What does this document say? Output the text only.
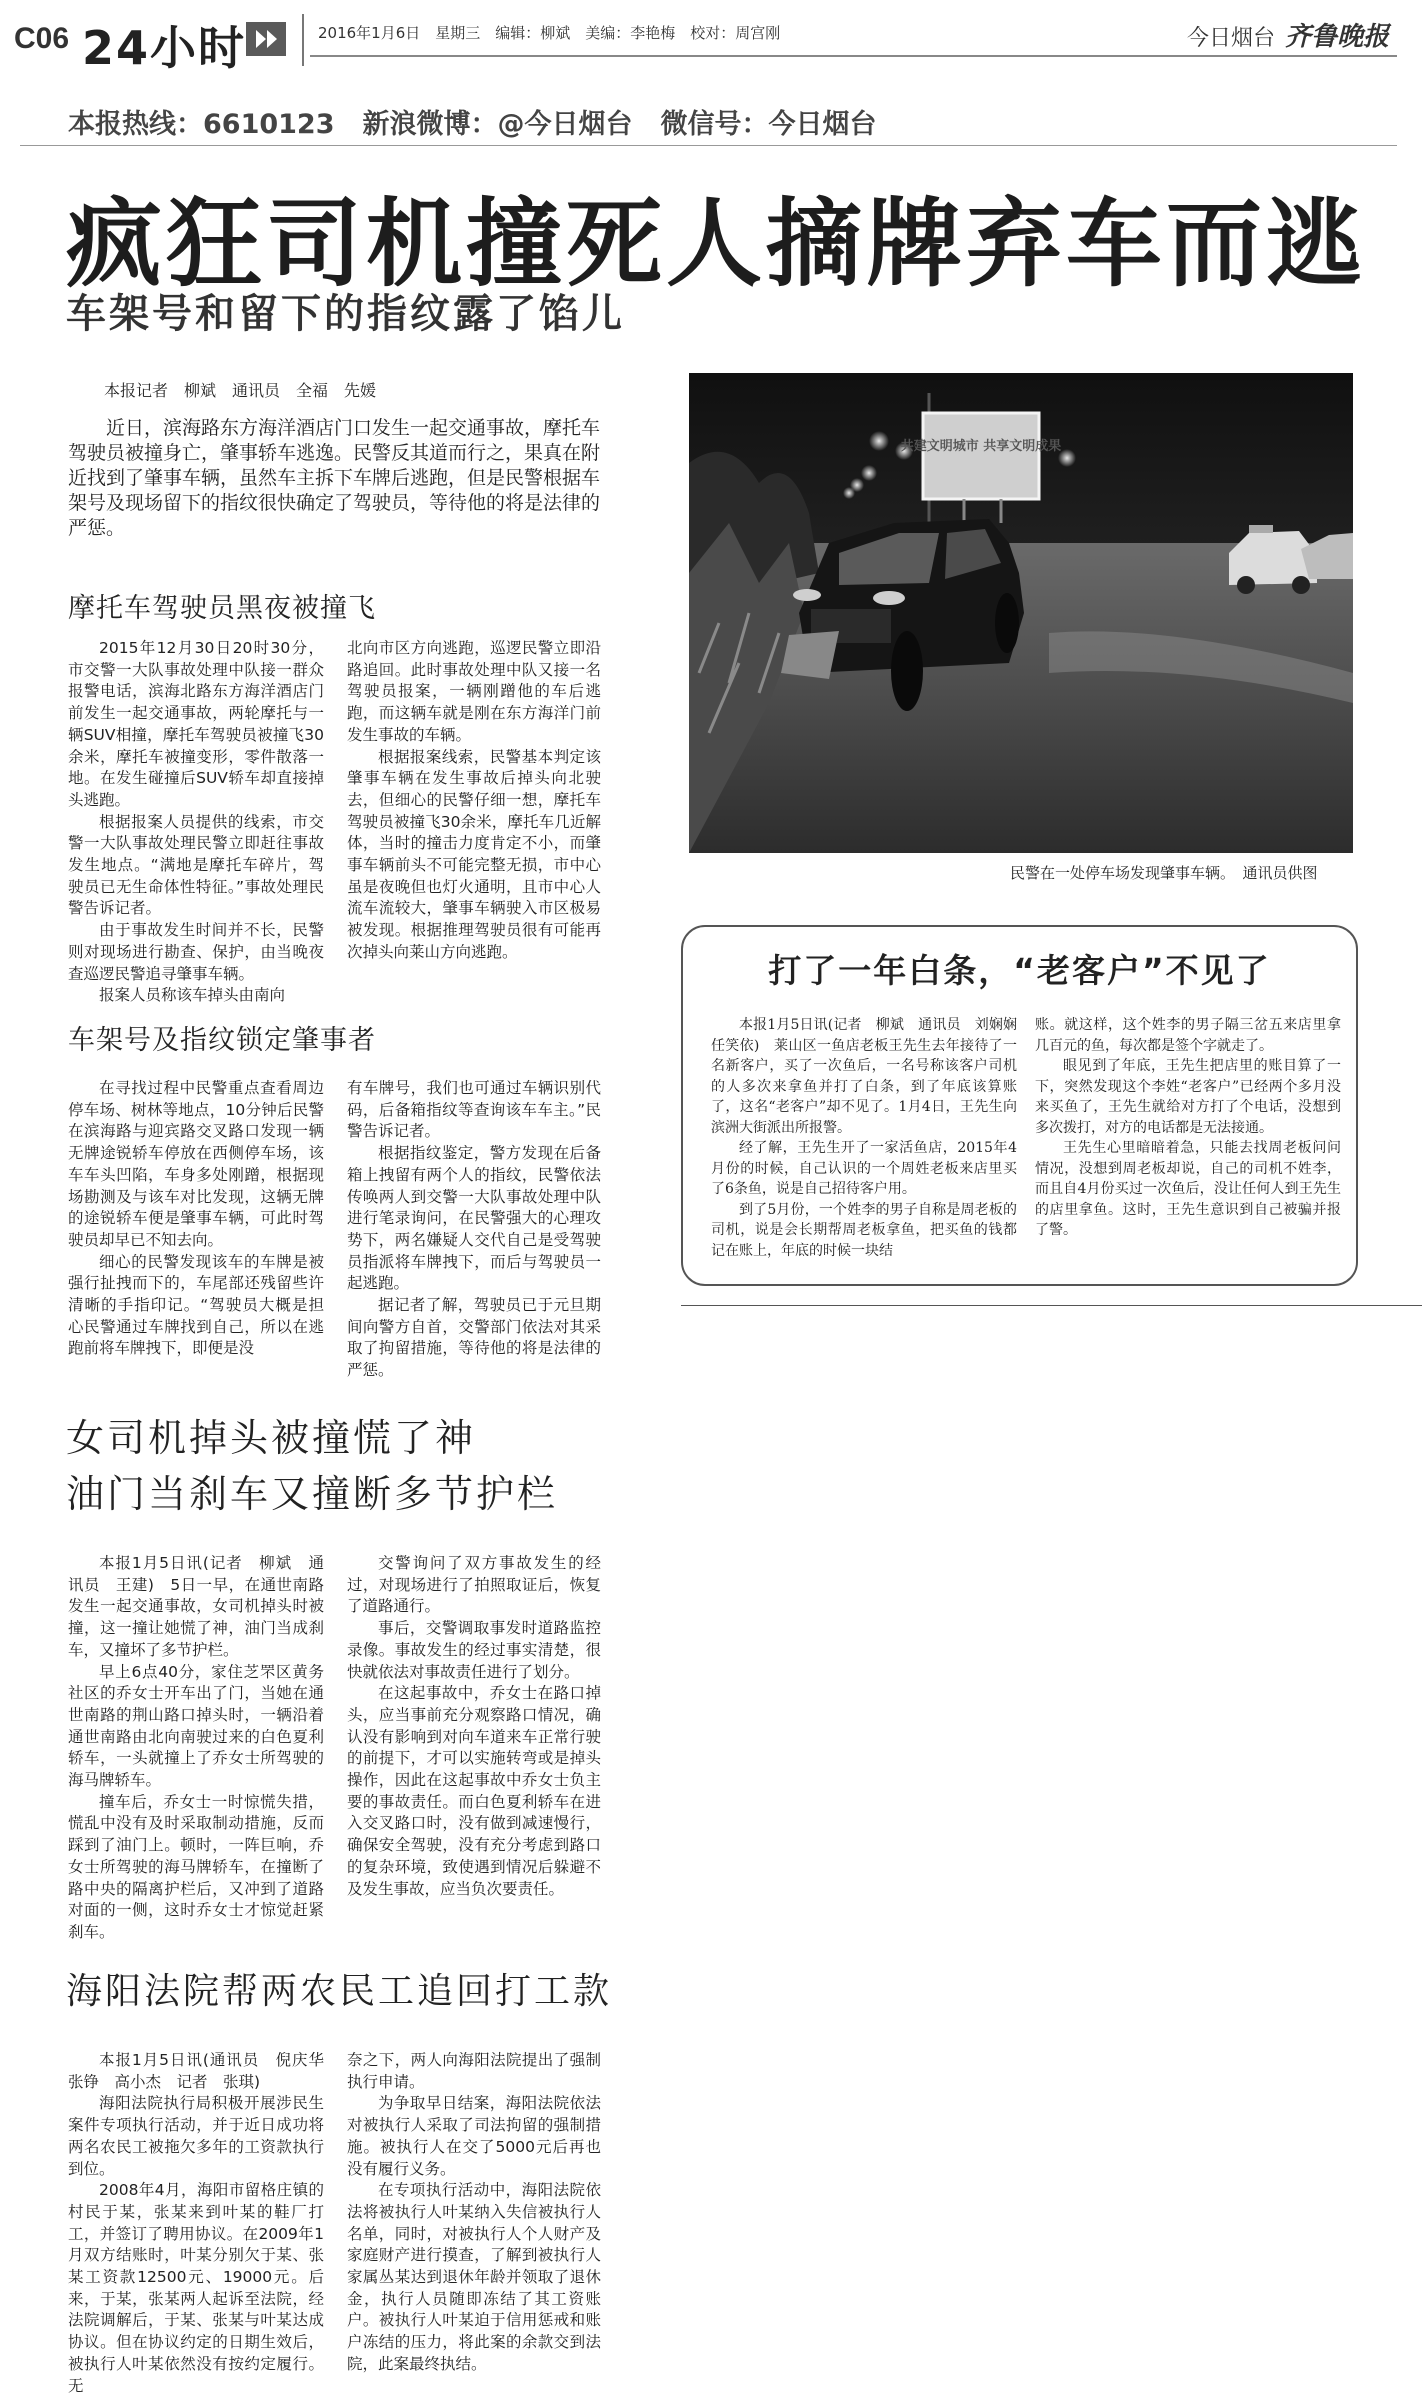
C06 24小时	2016年1月6日　星期三　编辑：柳斌　美编：李艳梅　校对：周宫刚	今日烟台 齐鲁晚报
本报热线：6610123 新浪微博：@今日烟台 微信号：今日烟台
疯狂司机撞死人摘牌弃车而逃
车架号和留下的指纹露了馅儿
本报记者　柳斌　通讯员　全福　先媛

近日，滨海路东方海洋酒店门口发生一起交通事故，摩托车驾驶员被撞身亡，肇事轿车逃逸。民警反其道而行之，果真在附近找到了肇事车辆，虽然车主拆下车牌后逃跑，但是民警根据车架号及现场留下的指纹很快确定了驾驶员，等待他的将是法律的严惩。

摩托车驾驶员黑夜被撞飞

2015年12月30日20时30分，市交警一大队事故处理中队接一群众报警电话，滨海北路东方海洋酒店门前发生一起交通事故，两轮摩托与一辆SUV相撞，摩托车驾驶员被撞飞30余米，摩托车被撞变形，零件散落一地。在发生碰撞后SUV轿车却直接掉头逃跑。

根据报案人员提供的线索，市交警一大队事故处理民警立即赶往事故发生地点。“满地是摩托车碎片，驾驶员已无生命体性特征。”事故处理民警告诉记者。

由于事故发生时间并不长，民警则对现场进行勘查、保护，由当晚夜查巡逻民警追寻肇事车辆。

报案人员称该车掉头由南向

北向市区方向逃跑，巡逻民警立即沿路追回。此时事故处理中队又接一名驾驶员报案，一辆刚蹭他的车后逃跑，而这辆车就是刚在东方海洋门前发生事故的车辆。

根据报案线索，民警基本判定该肇事车辆在发生事故后掉头向北驶去，但细心的民警仔细一想，摩托车驾驶员被撞飞30余米，摩托车几近解体，当时的撞击力度肯定不小，而肇事车辆前头不可能完整无损，市中心虽是夜晚但也灯火通明，且市中心人流车流较大，肇事车辆驶入市区极易被发现。根据推理驾驶员很有可能再次掉头向莱山方向逃跑。

车架号及指纹锁定肇事者

在寻找过程中民警重点查看周边停车场、树林等地点，10分钟后民警在滨海路与迎宾路交叉路口发现一辆无牌途锐轿车停放在西侧停车场，该车车头凹陷，车身多处刚蹭，根据现场勘测及与该车对比发现，这辆无牌的途锐轿车便是肇事车辆，可此时驾驶员却早已不知去向。

细心的民警发现该车的车牌是被强行扯拽而下的，车尾部还残留些许清晰的手指印记。“驾驶员大概是担心民警通过车牌找到自己，所以在逃跑前将车牌拽下，即便是没

有车牌号，我们也可通过车辆识别代码，后备箱指纹等查询该车车主。”民警告诉记者。

根据指纹鉴定，警方发现在后备箱上拽留有两个人的指纹，民警依法传唤两人到交警一大队事故处理中队进行笔录询问，在民警强大的心理攻势下，两名嫌疑人交代自己是受驾驶员指派将车牌拽下，而后与驾驶员一起逃跑。

据记者了解，驾驶员已于元旦期间向警方自首，交警部门依法对其采取了拘留措施，等待他的将是法律的严惩。

共建文明城市 共享文明成果
民警在一处停车场发现肇事车辆。　通讯员供图
打了一年白条，“老客户”不见了

本报1月5日讯(记者　柳斌　通讯员　刘娴娴　任笑依)　莱山区一鱼店老板王先生去年接待了一名新客户，买了一次鱼后，一名号称该客户司机的人多次来拿鱼并打了白条，到了年底该算账了，这名“老客户”却不见了。1月4日，王先生向滨洲大街派出所报警。

经了解，王先生开了一家活鱼店，2015年4月份的时候，自己认识的一个周姓老板来店里买了6条鱼，说是自己招待客户用。

到了5月份，一个姓李的男子自称是周老板的司机，说是会长期帮周老板拿鱼，把买鱼的钱都记在账上，年底的时候一块结

账。就这样，这个姓李的男子隔三岔五来店里拿几百元的鱼，每次都是签个字就走了。

眼见到了年底，王先生把店里的账目算了一下，突然发现这个李姓“老客户”已经两个多月没来买鱼了，王先生就给对方打了个电话，没想到多次拨打，对方的电话都是无法接通。

王先生心里暗暗着急，只能去找周老板问问情况，没想到周老板却说，自己的司机不姓李，而且自4月份买过一次鱼后，没让任何人到王先生的店里拿鱼。这时，王先生意识到自己被骗并报了警。

女司机掉头被撞慌了神
油门当刹车又撞断多节护栏

本报1月5日讯(记者　柳斌　通讯员　王建)　5日一早，在通世南路发生一起交通事故，女司机掉头时被撞，这一撞让她慌了神，油门当成刹车，又撞坏了多节护栏。

早上6点40分，家住芝罘区黄务社区的乔女士开车出了门，当她在通世南路的荆山路口掉头时，一辆沿着通世南路由北向南驶过来的白色夏利轿车，一头就撞上了乔女士所驾驶的海马牌轿车。

撞车后，乔女士一时惊慌失措，慌乱中没有及时采取制动措施，反而踩到了油门上。顿时，一阵巨响，乔女士所驾驶的海马牌轿车，在撞断了路中央的隔离护栏后，又冲到了道路对面的一侧，这时乔女士才惊觉赶紧刹车。

交警询问了双方事故发生的经过，对现场进行了拍照取证后，恢复了道路通行。

事后，交警调取事发时道路监控录像。事故发生的经过事实清楚，很快就依法对事故责任进行了划分。

在这起事故中，乔女士在路口掉头，应当事前充分观察路口情况，确认没有影响到对向车道来车正常行驶的前提下，才可以实施转弯或是掉头操作，因此在这起事故中乔女士负主要的事故责任。而白色夏利轿车在进入交叉路口时，没有做到减速慢行，确保安全驾驶，没有充分考虑到路口的复杂环境，致使遇到情况后躲避不及发生事故，应当负次要责任。

海阳法院帮两农民工追回打工款

本报1月5日讯(通讯员　倪庆华　张铮　高小杰　记者　张琪)

海阳法院执行局积极开展涉民生案件专项执行活动，并于近日成功将两名农民工被拖欠多年的工资款执行到位。

2008年4月，海阳市留格庄镇的村民于某，张某来到叶某的鞋厂打工，并签订了聘用协议。在2009年1月双方结账时，叶某分别欠于某、张某工资款12500元、19000元。后来，于某，张某两人起诉至法院，经法院调解后，于某、张某与叶某达成协议。但在协议约定的日期生效后，被执行人叶某依然没有按约定履行。无

奈之下，两人向海阳法院提出了强制执行申请。

为争取早日结案，海阳法院依法对被执行人采取了司法拘留的强制措施。被执行人在交了5000元后再也没有履行义务。

在专项执行活动中，海阳法院依法将被执行人叶某纳入失信被执行人名单，同时，对被执行人个人财产及家庭财产进行摸查，了解到被执行人家属丛某达到退休年龄并领取了退休金，执行人员随即冻结了其工资账户。被执行人叶某迫于信用惩戒和账户冻结的压力，将此案的余款交到法院，此案最终执结。
